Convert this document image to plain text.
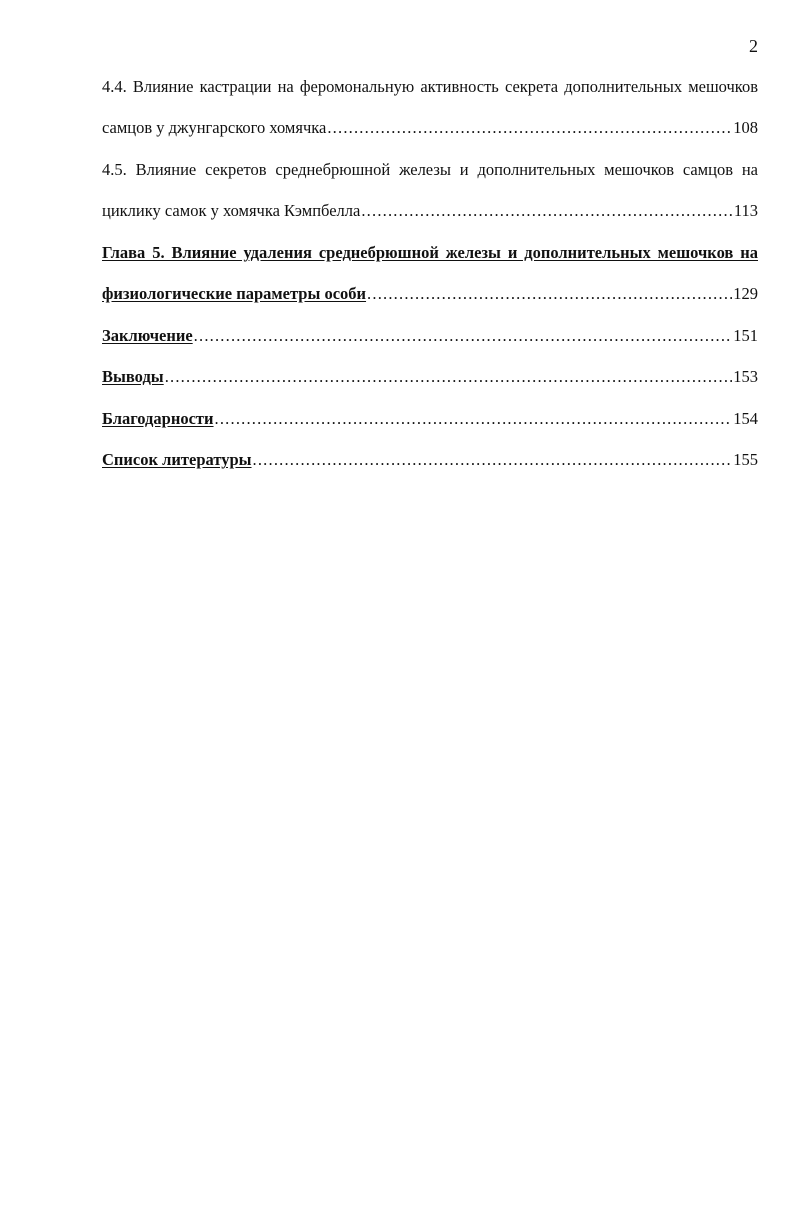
2
4.4. Влияние кастрации на феромональную активность секрета дополнительных мешочков
самцов у джунгарского хомячка .....	108
4.5. Влияние секретов среднебрюшной железы и дополнительных мешочков самцов на
циклику самок у хомячка Кэмпбелла .....	113
Глава 5. Влияние удаления среднебрюшной железы и дополнительных мешочков на
физиологические параметры особи .....	129
Заключение .....	151
Выводы .....	153
Благодарности .....	154
Список литературы .....	155
